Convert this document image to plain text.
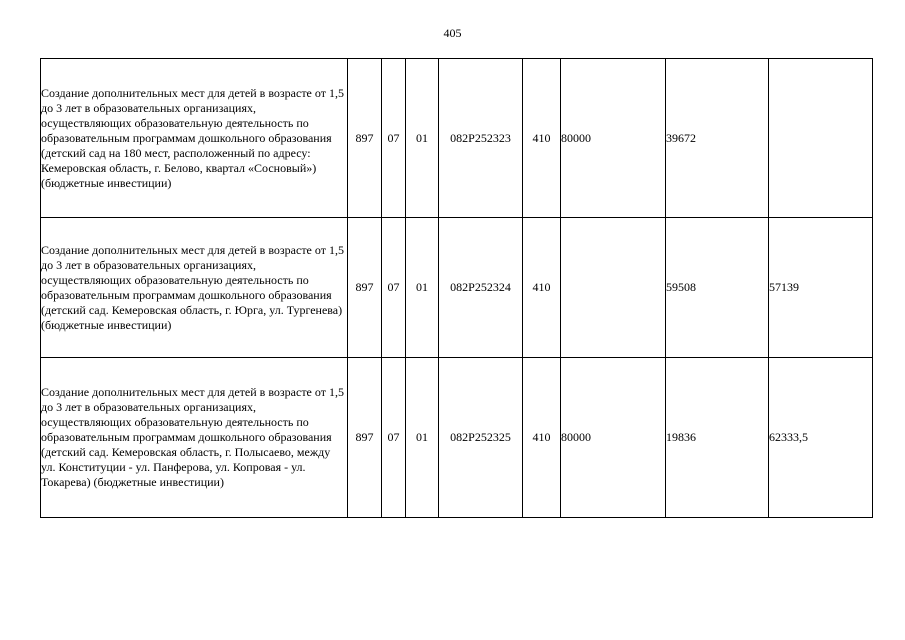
405
Создание дополнительных мест для детей в возрасте от 1,5 до 3 лет в образовательных организациях, осуществляющих образовательную деятельность по образовательным программам дошкольного образования (детский сад на 180 мест, расположенный по адресу: Кемеровская область, г. Белово, квартал «Сосновый») (бюджетные инвестиции)	897	07	01	082P252323	410	80000	39672	
Создание дополнительных мест для детей в возрасте от 1,5 до 3 лет в образовательных организациях, осуществляющих образовательную деятельность по образовательным программам дошкольного образования (детский сад. Кемеровская область, г. Юрга, ул. Тургенева) (бюджетные инвестиции)	897	07	01	082P252324	410		59508	57139
Создание дополнительных мест для детей в возрасте от 1,5 до 3 лет в образовательных организациях, осуществляющих образовательную деятельность по образовательным программам дошкольного образования (детский сад. Кемеровская область, г. Полысаево, между ул. Конституции - ул. Панферова, ул. Копровая - ул. Токарева) (бюджетные инвестиции)	897	07	01	082P252325	410	80000	19836	62333,5
